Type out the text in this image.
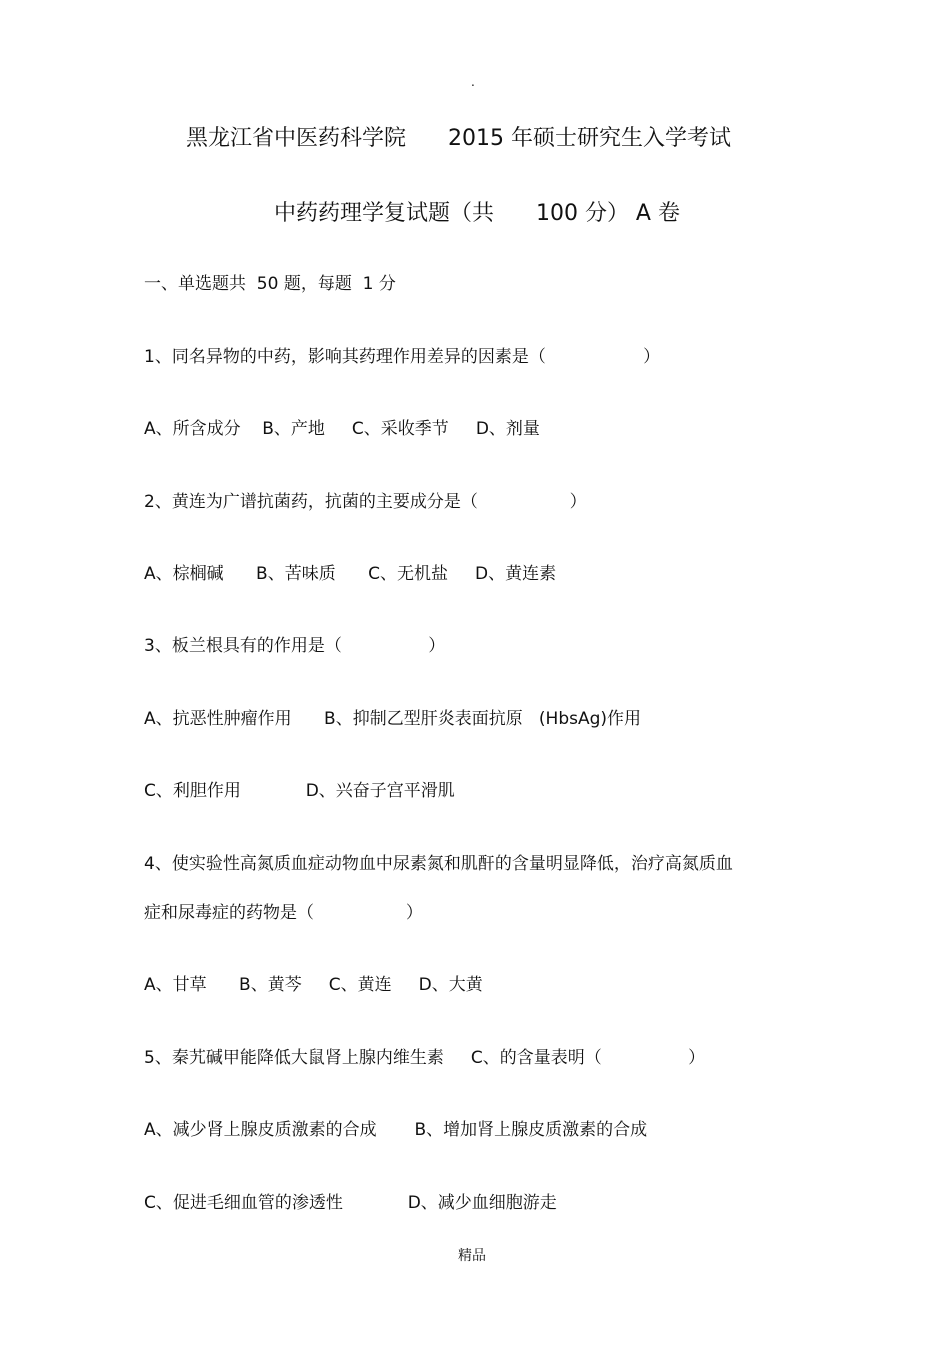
.
黑龙江省中医药科学院      2015 年硕士研究生入学考试
中药药理学复试题（共      100 分） A 卷
一、单选题共  50 题，每题  1 分
1、同名异物的中药，影响其药理作用差异的因素是（                  ）
A、所含成分    B、产地     C、采收季节     D、剂量
2、黄连为广谱抗菌药，抗菌的主要成分是（                 ）
A、棕榈碱      B、苦味质      C、无机盐     D、黄连素
3、板兰根具有的作用是（                ）
A、抗恶性肿瘤作用      B、抑制乙型肝炎表面抗原   (HbsAg)作用
C、利胆作用            D、兴奋子宫平滑肌
4、使实验性高氮质血症动物血中尿素氮和肌酐的含量明显降低，治疗高氮质血
症和尿毒症的药物是（                 ）
A、甘草      B、黄芩     C、黄连     D、大黄
5、秦艽碱甲能降低大鼠肾上腺内维生素     C、的含量表明（                ）
A、减少肾上腺皮质激素的合成       B、增加肾上腺皮质激素的合成
C、促进毛细血管的渗透性            D、减少血细胞游走
精品
